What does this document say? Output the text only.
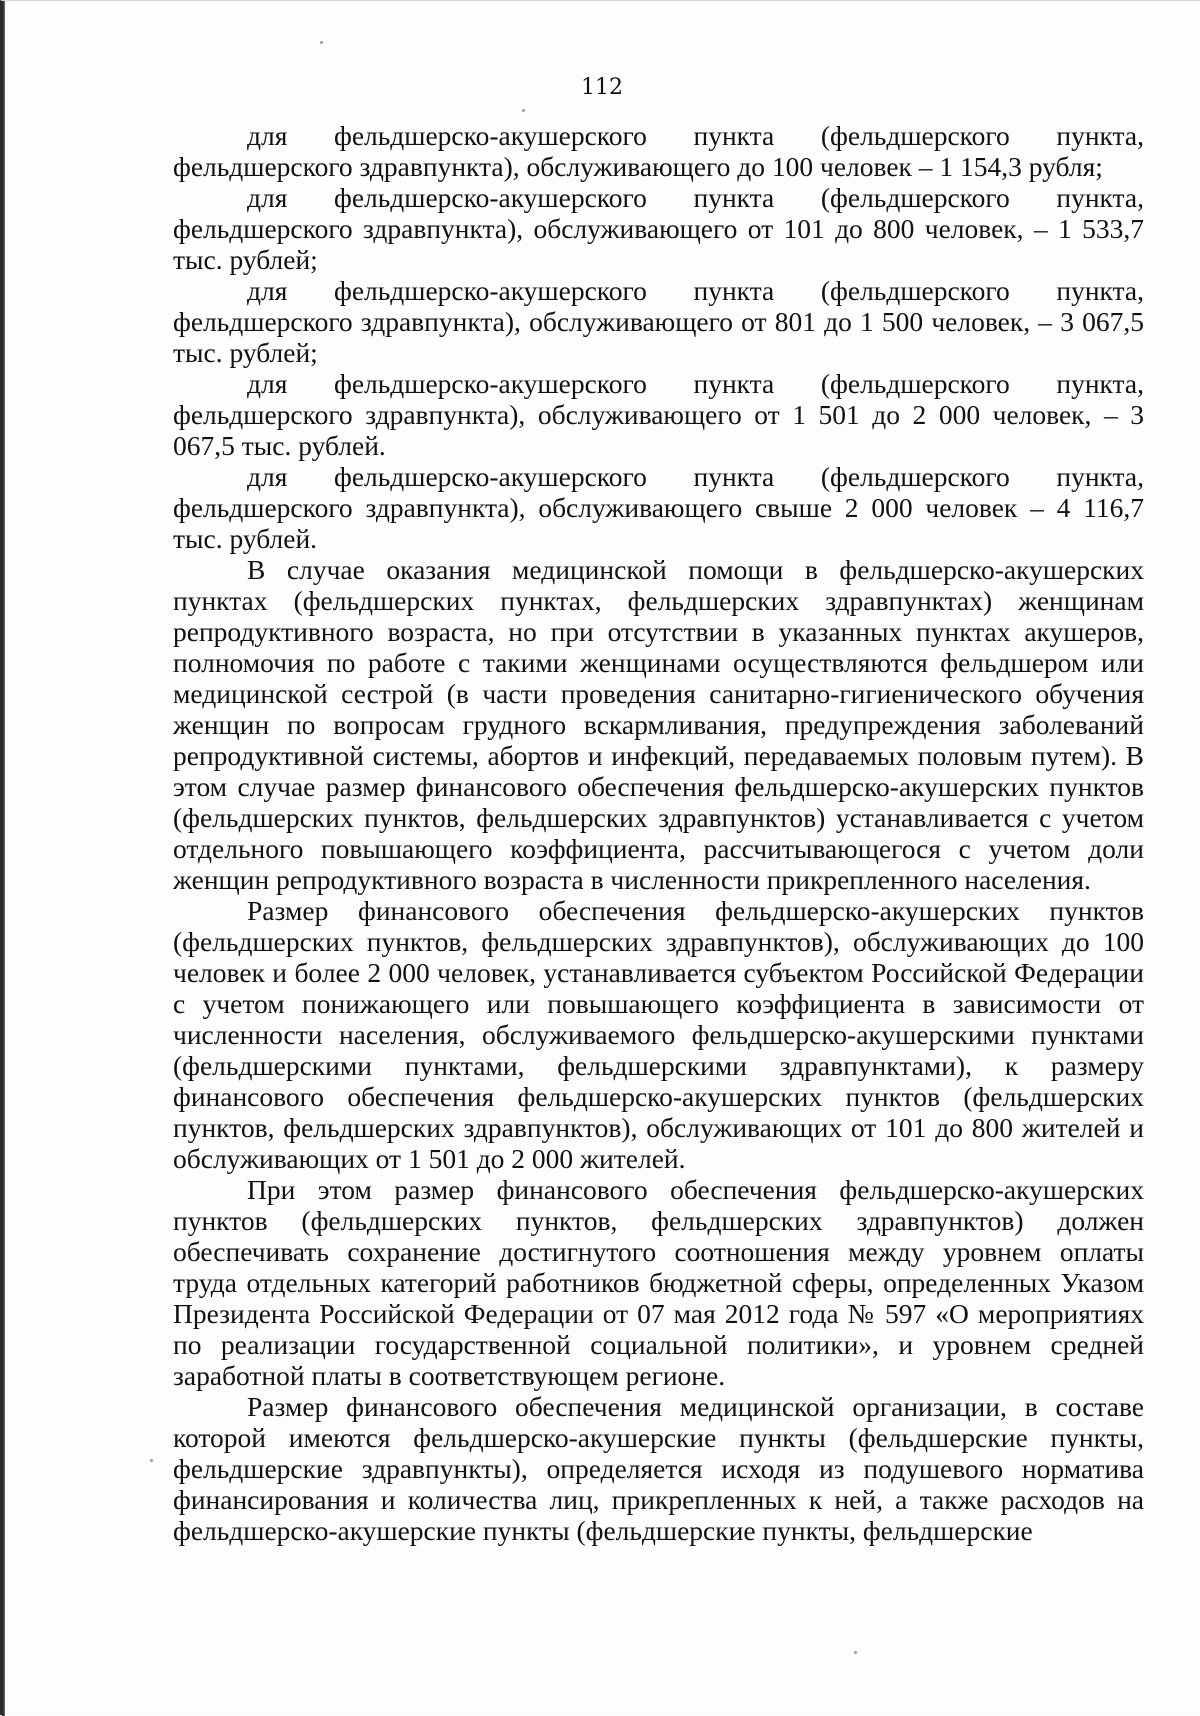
112

для фельдшерско-акушерского пункта (фельдшерского пункта, фельдшерского здравпункта), обслуживающего до 100 человек – 1 154,3 рубля;

для фельдшерско-акушерского пункта (фельдшерского пункта, фельдшерского здравпункта), обслуживающего от 101 до 800 человек, – 1 533,7 тыс. рублей;

для фельдшерско-акушерского пункта (фельдшерского пункта, фельдшерского здравпункта), обслуживающего от 801 до 1 500 человек, – 3 067,5 тыс. рублей;

для фельдшерско-акушерского пункта (фельдшерского пункта, фельдшерского здравпункта), обслуживающего от 1 501 до 2 000 человек, – 3 067,5 тыс. рублей.

для фельдшерско-акушерского пункта (фельдшерского пункта, фельдшерского здравпункта), обслуживающего свыше 2 000 человек – 4 116,7 тыс. рублей.

В случае оказания медицинской помощи в фельдшерско-акушерских пунктах (фельдшерских пунктах, фельдшерских здравпунктах) женщинам репродуктивного возраста, но при отсутствии в указанных пунктах акушеров, полномочия по работе с такими женщинами осуществляются фельдшером или медицинской сестрой (в части проведения санитарно-гигиенического обучения женщин по вопросам грудного вскармливания, предупреждения заболеваний репродуктивной системы, абортов и инфекций, передаваемых половым путем). В этом случае размер финансового обеспечения фельдшерско-акушерских пунктов (фельдшерских пунктов, фельдшерских здравпунктов) устанавливается с учетом отдельного повышающего коэффициента, рассчитывающегося с учетом доли женщин репродуктивного возраста в численности прикрепленного населения.

Размер финансового обеспечения фельдшерско-акушерских пунктов (фельдшерских пунктов, фельдшерских здравпунктов), обслуживающих до 100 человек и более 2 000 человек, устанавливается субъектом Российской Федерации с учетом понижающего или повышающего коэффициента в зависимости от численности населения, обслуживаемого фельдшерско-акушерскими пунктами (фельдшерскими пунктами, фельдшерскими здравпунктами), к размеру финансового обеспечения фельдшерско-акушерских пунктов (фельдшерских пунктов, фельдшерских здравпунктов), обслуживающих от 101 до 800 жителей и обслуживающих от 1 501 до 2 000 жителей.

При этом размер финансового обеспечения фельдшерско-акушерских пунктов (фельдшерских пунктов, фельдшерских здравпунктов) должен обеспечивать сохранение достигнутого соотношения между уровнем оплаты труда отдельных категорий работников бюджетной сферы, определенных Указом Президента Российской Федерации от 07 мая 2012 года № 597 «О мероприятиях по реализации государственной социальной политики», и уровнем средней заработной платы в соответствующем регионе.

Размер финансового обеспечения медицинской организации, в составе которой имеются фельдшерско-акушерские пункты (фельдшерские пункты, фельдшерские здравпункты), определяется исходя из подушевого норматива финансирования и количества лиц, прикрепленных к ней, а также расходов на фельдшерско-акушерские пункты (фельдшерские пункты, фельдшерские
